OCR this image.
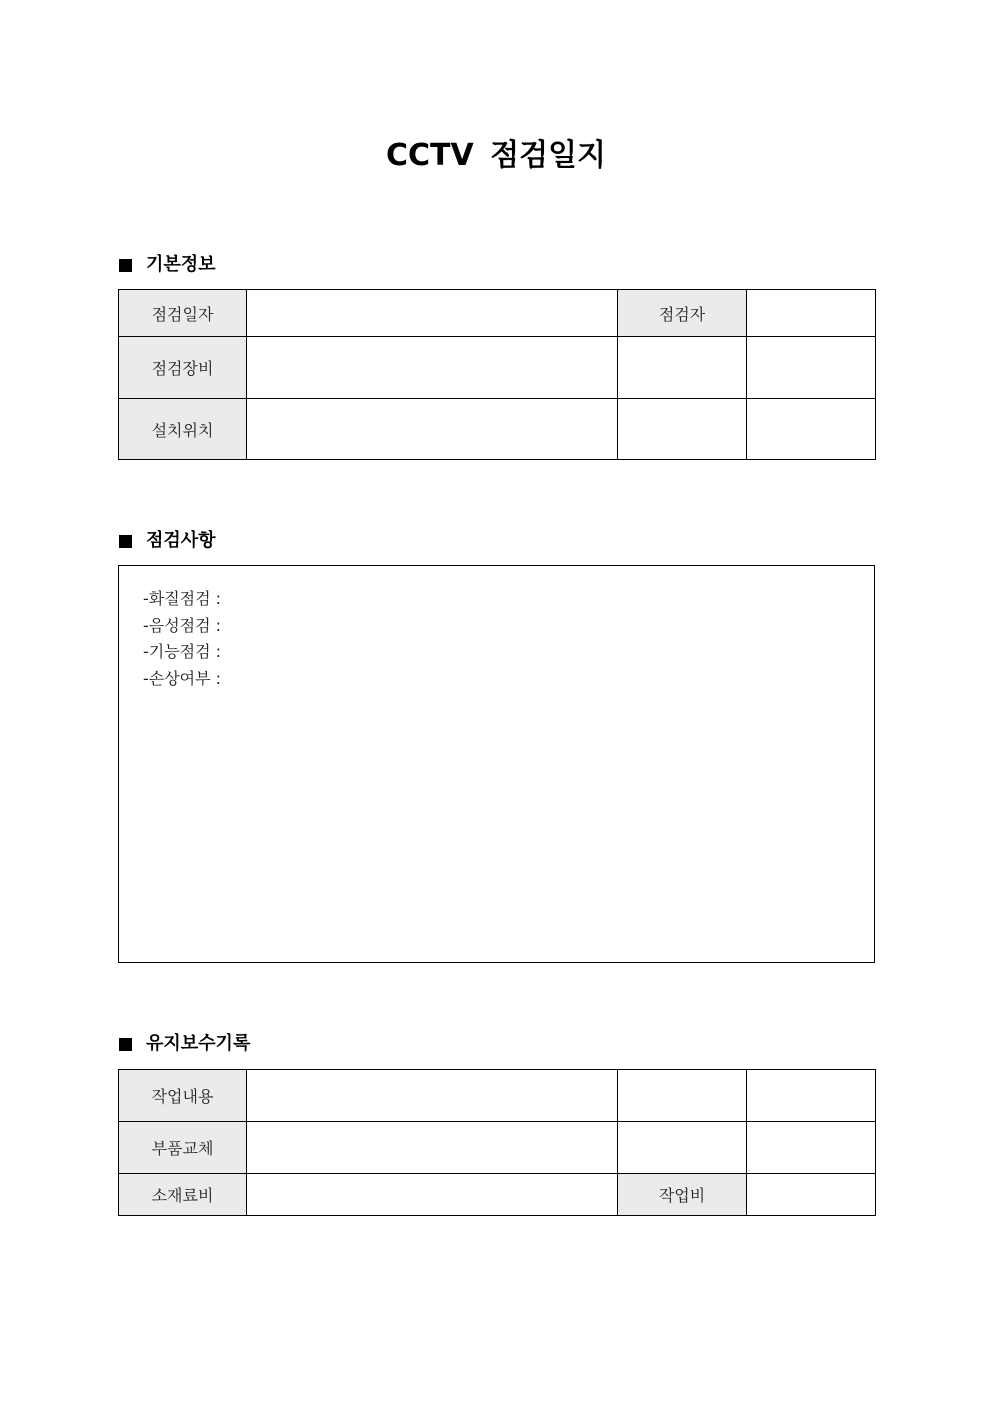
CCTV 점검일지
기본정보
점검일자		점검자	
점검장비			
설치위치			
점검사항
-화질점검 :
-음성점검 :
-기능점검 :
-손상여부 :
유지보수기록
작업내용			
부품교체			
소재료비		작업비	
